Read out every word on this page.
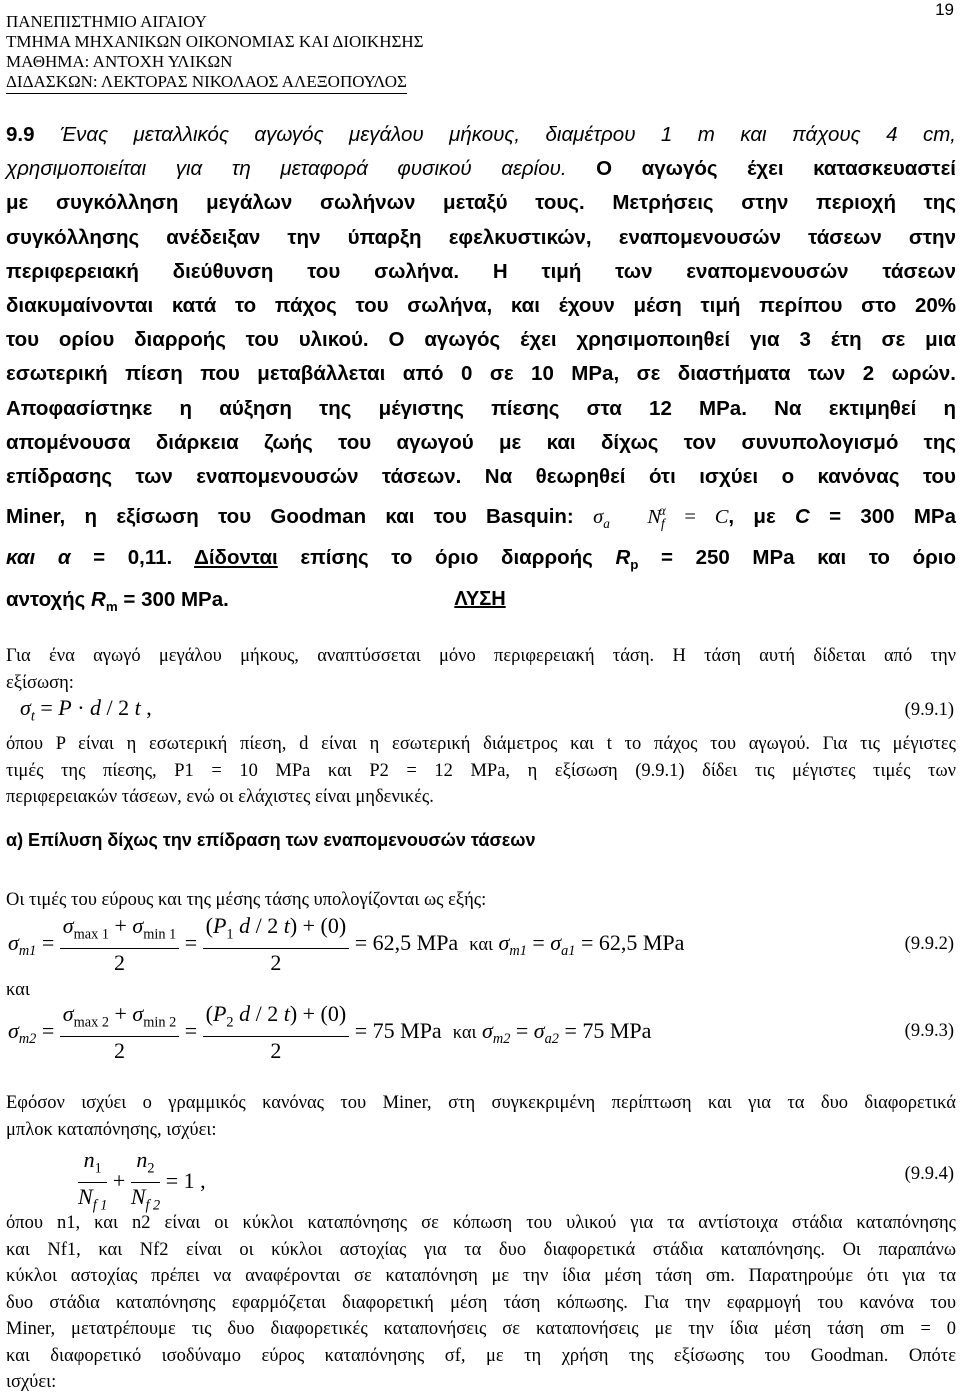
19
ΠΑΝΕΠΙΣΤΗΜΙΟ ΑΙΓΑΙΟΥ
ΤΜΗΜΑ ΜΗΧΑΝΙΚΩΝ ΟΙΚΟΝΟΜΙΑΣ ΚΑΙ ΔΙΟΙΚΗΣΗΣ
ΜΑΘΗΜΑ: ΑΝΤΟΧΗ ΥΛΙΚΩΝ
ΔΙΔΑΣΚΩΝ: ΛΕΚΤΟΡΑΣ ΝΙΚΟΛΑΟΣ ΑΛΕΞΟΠΟΥΛΟΣ
9.9 Ένας μεταλλικός αγωγός μεγάλου μήκους, διαμέτρου 1 m και πάχους 4 cm,
χρησιμοποιείται για τη μεταφορά φυσικού αερίου. Ο αγωγός έχει κατασκευαστεί
με συγκόλληση μεγάλων σωλήνων μεταξύ τους. Μετρήσεις στην περιοχή της
συγκόλλησης ανέδειξαν την ύπαρξη εφελκυστικών, εναπομενουσών τάσεων στην
περιφερειακή διεύθυνση του σωλήνα. Η τιμή των εναπομενουσών τάσεων
διακυμαίνονται κατά το πάχος του σωλήνα, και έχουν μέση τιμή περίπου στο 20%
του ορίου διαρροής του υλικού. Ο αγωγός έχει χρησιμοποιηθεί για 3 έτη σε μια
εσωτερική πίεση που μεταβάλλεται από 0 σε 10 MPa, σε διαστήματα των 2 ωρών.
Αποφασίστηκε η αύξηση της μέγιστης πίεσης στα 12 MPa. Να εκτιμηθεί η
απομένουσα διάρκεια ζωής του αγωγού με και δίχως τον συνυπολογισμό της
επίδρασης των εναπομενουσών τάσεων. Να θεωρηθεί ότι ισχύει ο κανόνας του
Miner, η εξίσωση του Goodman και του Basquin: $\sigma_a$ $N_f^\alpha = C$, με C = 300 MPa
και α = 0,11. Δίδονται επίσης το όριο διαρροής $R_p = 250$ MPa και το όριο
αντοχής $R_m = 300$ MPa.	ΛΥΣΗ
Για ένα αγωγό μεγάλου μήκους, αναπτύσσεται μόνο περιφερειακή τάση. Η τάση αυτή δίδεται από την
εξίσωση:
$\sigma_t = P \cdot d / 2$ t ,	(9.9.1)
όπου P είναι η εσωτερική πίεση, d είναι η εσωτερική διάμετρος και t το πάχος του αγωγού. Για τις μέγιστες
τιμές της πίεσης, P1 = 10 MPa και P2 = 12 MPa, η εξίσωση (9.9.1) δίδει τις μέγιστες τιμές των
περιφερειακών τάσεων, ενώ οι ελάχιστες είναι μηδενικές.
α) Επίλυση δίχως την επίδραση των εναπομενουσών τάσεων
Οι τιμές του εύρους και της μέσης τάσης υπολογίζονται ως εξής:
$\sigma_{m1} = \frac{\sigma_{max 1} + \sigma_{min 1}}{2} = \frac{(P_1 d / 2 t) + (0)}{2} = 62,5$ MPa και $\sigma_{m1} = \sigma_{a1} = 62,5$ MPa	(9.9.2)
και
$\sigma_{m2} = \frac{\sigma_{max 2} + \sigma_{min 2}}{2} = \frac{(P_2 d / 2 t) + (0)}{2} = 75$ MPa και $\sigma_{m2} = \sigma_{a2} = 75$ MPa	(9.9.3)
Εφόσον ισχύει ο γραμμικός κανόνας του Miner, στη συγκεκριμένη περίπτωση και για τα δυο διαφορετικά
μπλοκ καταπόνησης, ισχύει:
$\frac{n_1}{N_{f 1}} + \frac{n_2}{N_{f 2}} = 1$ ,	(9.9.4)
όπου n1, και n2 είναι οι κύκλοι καταπόνησης σε κόπωση του υλικού για τα αντίστοιχα στάδια καταπόνησης
και Nf1, και Nf2 είναι οι κύκλοι αστοχίας για τα δυο διαφορετικά στάδια καταπόνησης. Οι παραπάνω
κύκλοι αστοχίας πρέπει να αναφέρονται σε καταπόνηση με την ίδια μέση τάση σm. Παρατηρούμε ότι για τα
δυο στάδια καταπόνησης εφαρμόζεται διαφορετική μέση τάση κόπωσης. Για την εφαρμογή του κανόνα του
Miner, μετατρέπουμε τις δυο διαφορετικές καταπονήσεις σε καταπονήσεις με την ίδια μέση τάση σm = 0
και διαφορετικό ισοδύναμο εύρος καταπόνησης σf, με τη χρήση της εξίσωσης του Goodman. Οπότε
ισχύει:
